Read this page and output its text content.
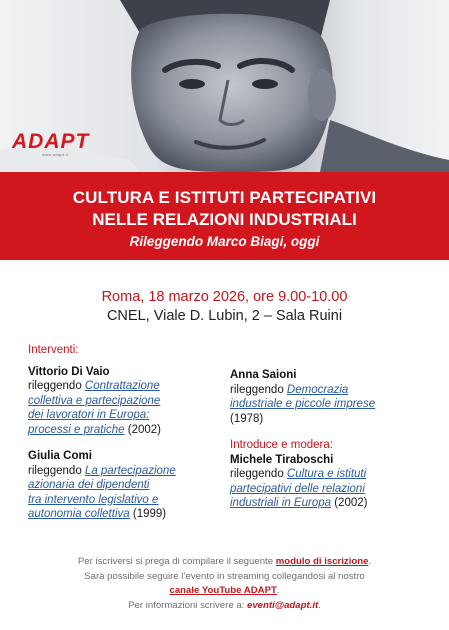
ADAPT
www.adapt.it
CULTURA E ISTITUTI PARTECIPATIVI
NELLE RELAZIONI INDUSTRIALI
Rileggendo Marco Biagi, oggi
Roma, 18 marzo 2026, ore 9.00-10.00
CNEL, Viale D. Lubin, 2 – Sala Ruini
Interventi:
Vittorio Di Vaio
rileggendo Contrattazione
collettiva e partecipazione
dei lavoratori in Europa:
processi e pratiche (2002)
Giulia Comi
rileggendo La partecipazione
azionaria dei dipendenti
tra intervento legislativo e
autonomia collettiva (1999)
Anna Saioni
rileggendo Democrazia
industriale e piccole imprese
(1978)
Introduce e modera:
Michele Tiraboschi
rileggendo Cultura e istituti
partecipativi delle relazioni
industriali in Europa (2002)
Per iscriversi si prega di compilare il seguente modulo di iscrizione.
Sarà possibile seguire l’evento in streaming collegandosi al nostro
canale YouTube ADAPT.
Per informazioni scrivere a: eventi@adapt.it.
